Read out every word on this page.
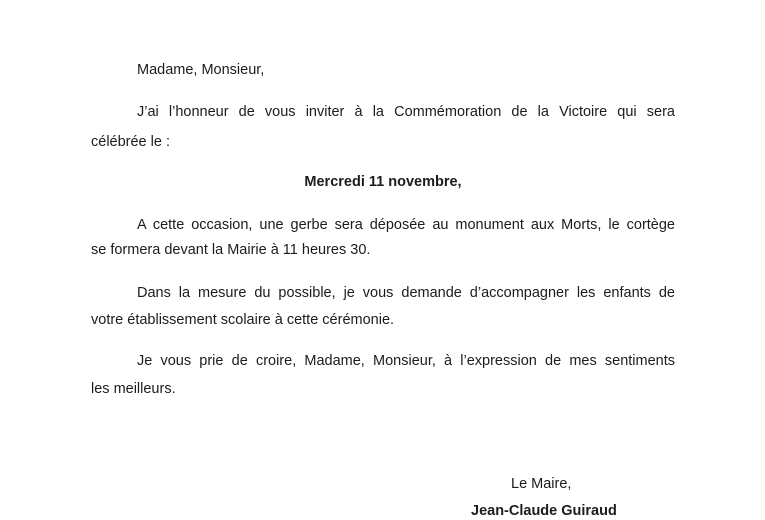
Madame, Monsieur,
J’ai l’honneur de vous inviter à la Commémoration de la Victoire qui sera
célébrée le :
Mercredi 11 novembre,
A cette occasion, une gerbe sera déposée au monument aux Morts, le cortège
se formera devant la Mairie à 11 heures 30.
Dans la mesure du possible, je vous demande d’accompagner les enfants de
votre établissement scolaire à cette cérémonie.
Je vous prie de croire, Madame, Monsieur, à l’expression de mes sentiments
les meilleurs.
Le Maire,
Jean-Claude Guiraud
